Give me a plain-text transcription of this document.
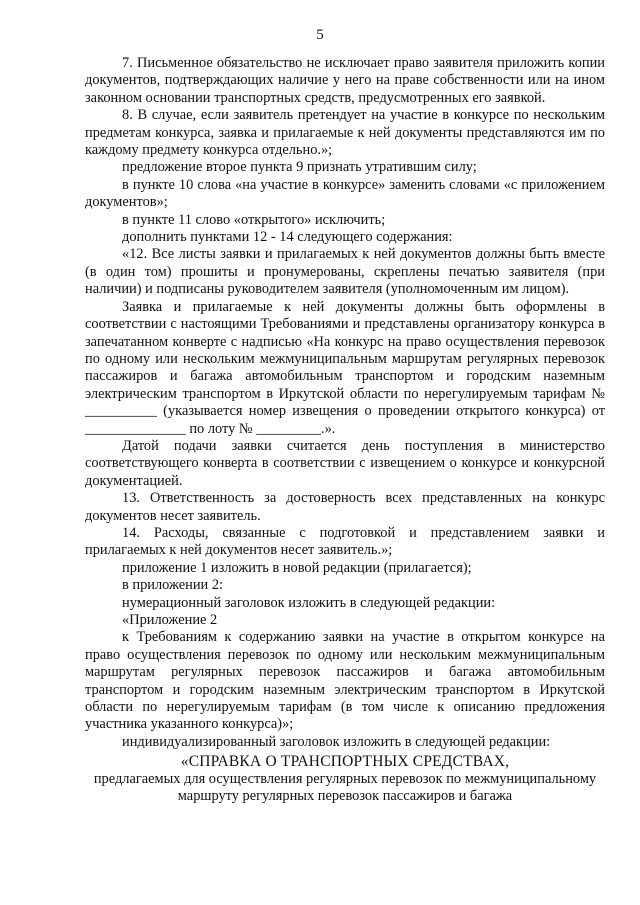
5

7. Письменное обязательство не исключает право заявителя приложить копии документов, подтверждающих наличие у него на праве собственности или на ином законном основании транспортных средств, предусмотренных его заявкой.

8. В случае, если заявитель претендует на участие в конкурсе по нескольким предметам конкурса, заявка и прилагаемые к ней документы представляются им по каждому предмету конкурса отдельно.»;

предложение второе пункта 9 признать утратившим силу;

в пункте 10 слова «на участие в конкурсе» заменить словами «с приложением документов»;

в пункте 11 слово «открытого» исключить;

дополнить пунктами 12 - 14 следующего содержания:

«12. Все листы заявки и прилагаемых к ней документов должны быть вместе (в один том) прошиты и пронумерованы, скреплены печатью заявителя (при наличии) и подписаны руководителем заявителя (уполномоченным им лицом).

Заявка и прилагаемые к ней документы должны быть оформлены в соответствии с настоящими Требованиями и представлены организатору конкурса в запечатанном конверте с надписью «На конкурс на право осуществления перевозок по одному или нескольким межмуниципальным маршрутам регулярных перевозок пассажиров и багажа автомобильным транспортом и городским наземным электрическим транспортом в Иркутской области по нерегулируемым тарифам № __________ (указывается номер извещения о проведении открытого конкурса) от ______________ по лоту № _________.».

Датой подачи заявки считается день поступления в министерство соответствующего конверта в соответствии с извещением о конкурсе и конкурсной документацией.

13. Ответственность за достоверность всех представленных на конкурс документов несет заявитель.

14. Расходы, связанные с подготовкой и представлением заявки и прилагаемых к ней документов несет заявитель.»;

приложение 1 изложить в новой редакции (прилагается);

в приложении 2:

нумерационный заголовок изложить в следующей редакции:

«Приложение 2

к Требованиям к содержанию заявки на участие в открытом конкурсе на право осуществления перевозок по одному или нескольким межмуниципальным маршрутам регулярных перевозок пассажиров и багажа автомобильным транспортом и городским наземным электрическим транспортом в Иркутской области по нерегулируемым тарифам (в том числе к описанию предложения участника указанного конкурса)»;

индивидуализированный заголовок изложить в следующей редакции:

«СПРАВКА О ТРАНСПОРТНЫХ СРЕДСТВАХ,

предлагаемых для осуществления регулярных перевозок по межмуниципальному маршруту регулярных перевозок пассажиров и багажа
